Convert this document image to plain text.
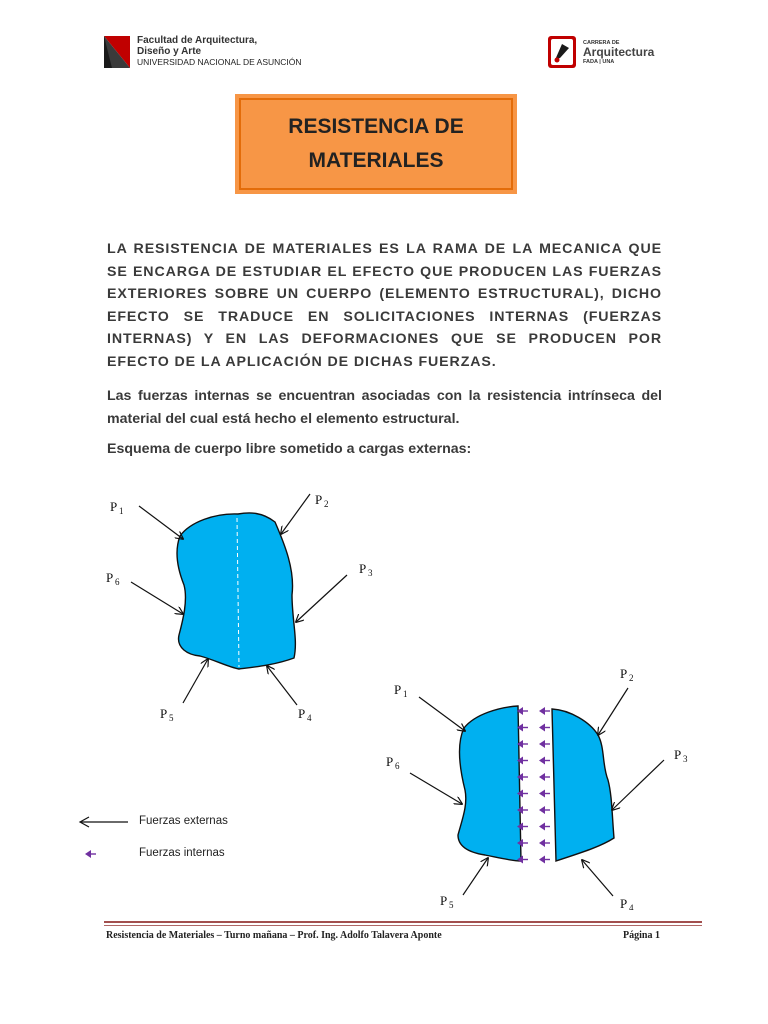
Facultad de Arquitectura,
Diseño y Arte
UNIVERSIDAD NACIONAL DE ASUNCIÓN
CARRERA DE
Arquitectura
FADA | UNA
RESISTENCIA DE
MATERIALES
LA RESISTENCIA DE MATERIALES ES LA RAMA DE LA MECANICA QUE SE ENCARGA DE ESTUDIAR EL EFECTO QUE PRODUCEN LAS FUERZAS EXTERIORES SOBRE UN CUERPO (ELEMENTO ESTRUCTURAL), DICHO EFECTO SE TRADUCE EN SOLICITACIONES INTERNAS (FUERZAS INTERNAS) Y EN LAS DEFORMACIONES QUE SE PRODUCEN POR EFECTO DE LA APLICACIÓN DE DICHAS FUERZAS.
Las fuerzas internas se encuentran asociadas con la resistencia intrínseca del material del cual está hecho el elemento estructural.
Esquema de cuerpo libre sometido a cargas externas:
P 1
P 2
P 3
P 4
P 5
P 6
P 1
P 2
P 3
P 4
P 5
P 6
Fuerzas externas
Fuerzas internas
Resistencia de Materiales – Turno mañana – Prof. Ing. Adolfo Talavera Aponte	Página 1
